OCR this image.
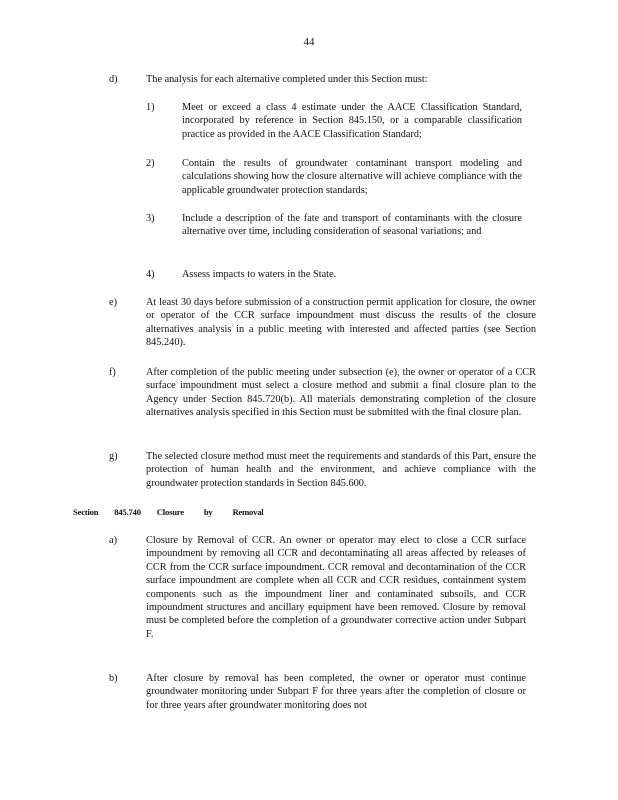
44
d)	The analysis for each alternative completed under this Section must:
1)	Meet or exceed a class 4 estimate under the AACE Classification Standard, incorporated by reference in Section 845.150, or a comparable classification practice as provided in the AACE Classification Standard;
2)	Contain the results of groundwater contaminant transport modeling and calculations showing how the closure alternative will achieve compliance with the applicable groundwater protection standards;
3)	Include a description of the fate and transport of contaminants with the closure alternative over time, including consideration of seasonal variations; and
4)	Assess impacts to waters in the State.
e)	At least 30 days before submission of a construction permit application for closure, the owner or operator of the CCR surface impoundment must discuss the results of the closure alternatives analysis in a public meeting with interested and affected parties (see Section 845.240).
f)	After completion of the public meeting under subsection (e), the owner or operator of a CCR surface impoundment must select a closure method and submit a final closure plan to the Agency under Section 845.720(b). All materials demonstrating completion of the closure alternatives analysis specified in this Section must be submitted with the final closure plan.
g)	The selected closure method must meet the requirements and standards of this Part, ensure the protection of human health and the environment, and achieve compliance with the groundwater protection standards in Section 845.600.
Section 845.740 Closure by Removal
a)	Closure by Removal of CCR. An owner or operator may elect to close a CCR surface impoundment by removing all CCR and decontaminating all areas affected by releases of CCR from the CCR surface impoundment. CCR removal and decontamination of the CCR surface impoundment are complete when all CCR and CCR residues, containment system components such as the impoundment liner and contaminated subsoils, and CCR impoundment structures and ancillary equipment have been removed. Closure by removal must be completed before the completion of a groundwater corrective action under Subpart F.
b)	After closure by removal has been completed, the owner or operator must continue groundwater monitoring under Subpart F for three years after the completion of closure or for three years after groundwater monitoring does not
